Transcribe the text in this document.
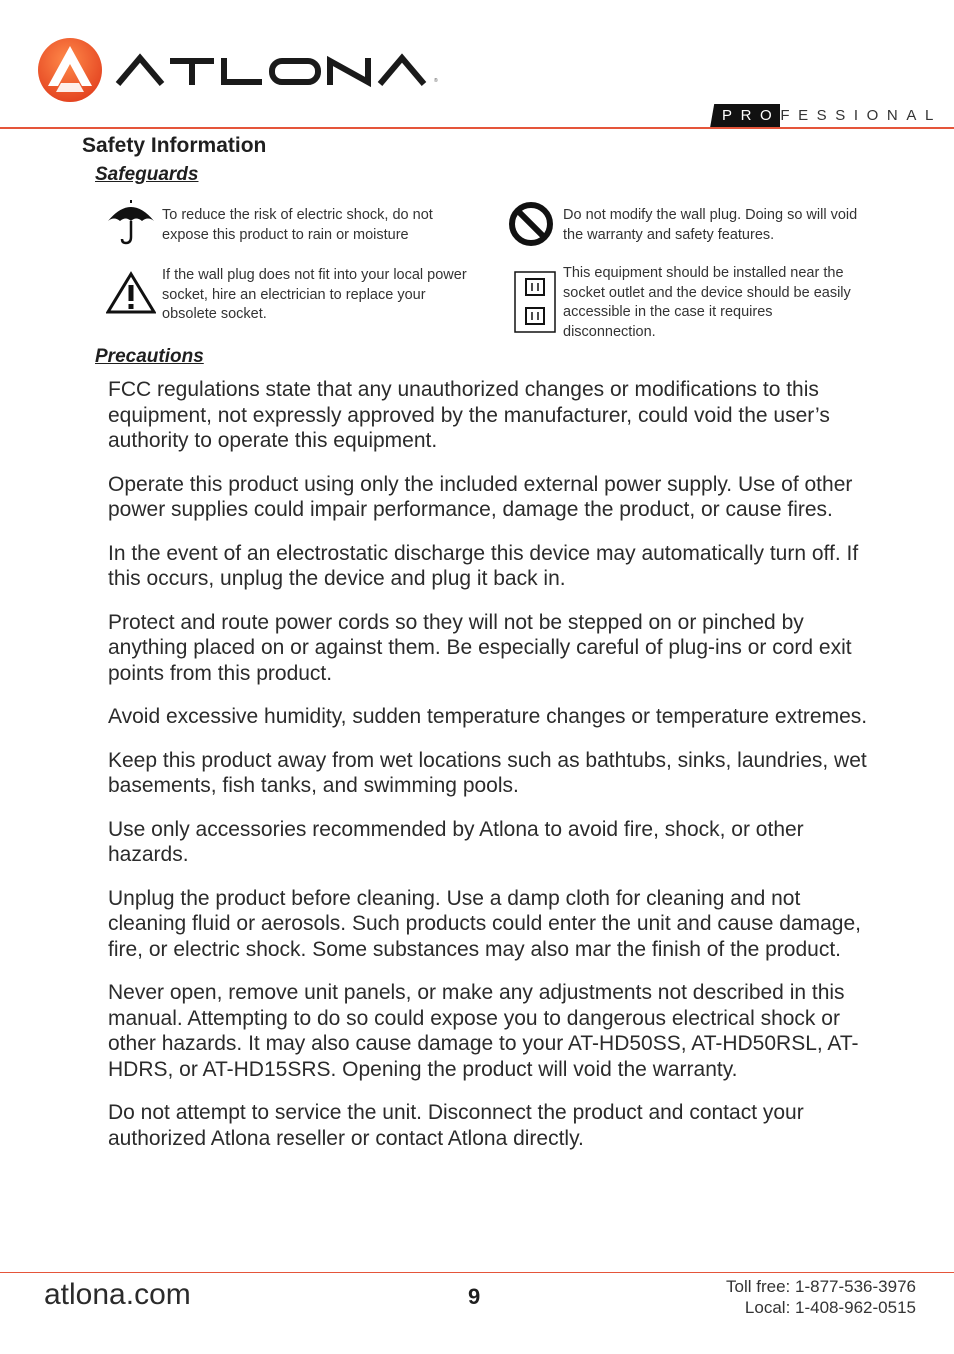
®
PROFESSIONAL
Safety Information
Safeguards

To reduce the risk of electric shock, do not expose this product to rain or moisture

Do not modify the wall plug. Doing so will void the warranty and safety features.

If the wall plug does not fit into your local power socket, hire an electrician to replace your obsolete socket.

This equipment should be installed near the socket outlet and the device should be easily accessible in the case it requires disconnection.

Precautions

FCC regulations state that any unauthorized changes or modifications to this equipment, not expressly approved by the manufacturer, could void the user’s authority to operate this equipment.

Operate this product using only the included external power supply. Use of other power supplies could impair performance, damage the product, or cause fires.

In the event of an electrostatic discharge this device may automatically turn off. If this occurs, unplug the device and plug it back in.

Protect and route power cords so they will not be stepped on or pinched by anything placed on or against them. Be especially careful of plug-ins or cord exit points from this product.

Avoid excessive humidity, sudden temperature changes or temperature extremes.

Keep this product away from wet locations such as bathtubs, sinks, laundries, wet basements, fish tanks, and swimming pools.

Use only accessories recommended by Atlona to avoid fire, shock, or other hazards.

Unplug the product before cleaning. Use a damp cloth for cleaning and not cleaning fluid or aerosols. Such products could enter the unit and cause damage, fire, or electric shock. Some substances may also mar the finish of the product.

Never open, remove unit panels, or make any adjustments not described in this manual. Attempting to do so could expose you to dangerous electrical shock or other hazards. It may also cause damage to your AT-HD50SS, AT-HD50RSL, AT-HDRS, or AT-HD15SRS. Opening the product will void the warranty.

Do not attempt to service the unit. Disconnect the product and contact your authorized Atlona reseller or contact Atlona directly.

atlona.com	9	Toll free: 1-877-536-3976
Local: 1-408-962-0515
